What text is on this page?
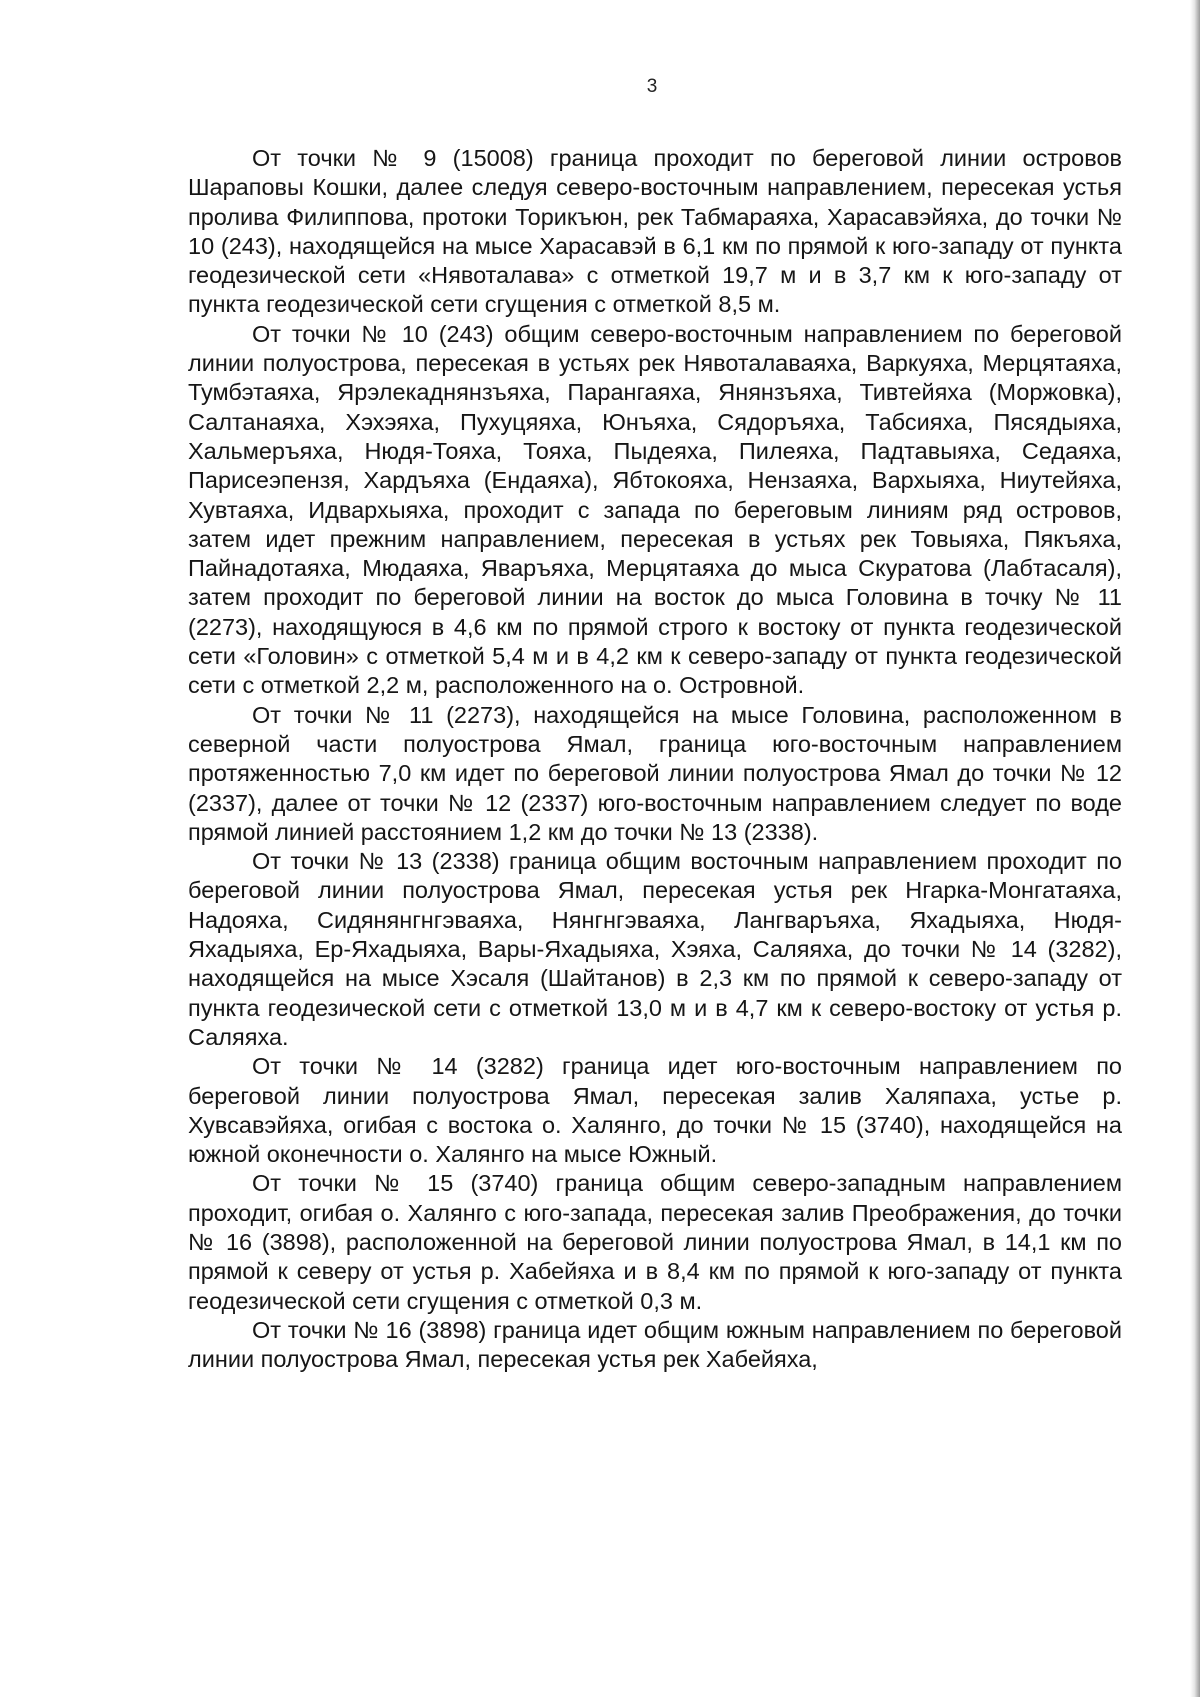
3

От точки № 9 (15008) граница проходит по береговой линии островов Шараповы Кошки, далее следуя северо-восточным направлением, пересекая устья пролива Филиппова, протоки Торикъюн, рек Табмараяха, Харасавэйяха, до точки № 10 (243), находящейся на мысе Харасавэй в 6,1 км по прямой к юго-западу от пункта геодезической сети «Нявоталава» с отметкой 19,7 м и в 3,7 км к юго-западу от пункта геодезической сети сгущения с отметкой 8,5 м.

От точки № 10 (243) общим северо-восточным направлением по береговой линии полуострова, пересекая в устьях рек Нявоталаваяха, Варкуяха, Мерцятаяха, Тумбэтаяха, Ярэлекаднянзъяха, Парангаяха, Янянзъяха, Тивтейяха (Моржовка), Салтанаяха, Хэхэяха, Пухуцяяха, Юнъяха, Сядоръяха, Табсияха, Пясядыяха, Хальмеръяха, Нюдя-Тояха, Тояха, Пыдеяха, Пилеяха, Падтавыяха, Седаяха, Парисеэпензя, Хардъяха (Ендаяха), Ябтокояха, Нензаяха, Вархыяха, Ниутейяха, Хувтаяха, Идвархыяха, проходит с запада по береговым линиям ряд островов, затем идет прежним направлением, пересекая в устьях рек Товыяха, Пякъяха, Пайнадотаяха, Мюдаяха, Яваръяха, Мерцятаяха до мыса Скуратова (Лабтасаля), затем проходит по береговой линии на восток до мыса Головина в точку № 11 (2273), находящуюся в 4,6 км по прямой строго к востоку от пункта геодезической сети «Головин» с отметкой 5,4 м и в 4,2 км к северо-западу от пункта геодезической сети с отметкой 2,2 м, расположенного на о. Островной.

От точки № 11 (2273), находящейся на мысе Головина, расположенном в северной части полуострова Ямал, граница юго-восточным направлением протяженностью 7,0 км идет по береговой линии полуострова Ямал до точки № 12 (2337), далее от точки № 12 (2337) юго-восточным направлением следует по воде прямой линией расстоянием 1,2 км до точки № 13 (2338).

От точки № 13 (2338) граница общим восточным направлением проходит по береговой линии полуострова Ямал, пересекая устья рек Нгарка-Монгатаяха, Надояха, Сидянянгнгэваяха, Нянгнгэваяха, Лангваръяха, Яхадыяха, Нюдя-Яхадыяха, Ер-Яхадыяха, Вары-Яхадыяха, Хэяха, Саляяха, до точки № 14 (3282), находящейся на мысе Хэсаля (Шайтанов) в 2,3 км по прямой к северо-западу от пункта геодезической сети с отметкой 13,0 м и в 4,7 км к северо-востоку от устья р. Саляяха.

От точки № 14 (3282) граница идет юго-восточным направлением по береговой линии полуострова Ямал, пересекая залив Халяпаха, устье р. Хувсавэйяха, огибая с востока о. Халянго, до точки № 15 (3740), находящейся на южной оконечности о. Халянго на мысе Южный.

От точки № 15 (3740) граница общим северо-западным направлением проходит, огибая о. Халянго с юго-запада, пересекая залив Преображения, до точки № 16 (3898), расположенной на береговой линии полуострова Ямал, в 14,1 км по прямой к северу от устья р. Хабейяха и в 8,4 км по прямой к юго-западу от пункта геодезической сети сгущения с отметкой 0,3 м.

От точки № 16 (3898) граница идет общим южным направлением по береговой линии полуострова Ямал, пересекая устья рек Хабейяха,
